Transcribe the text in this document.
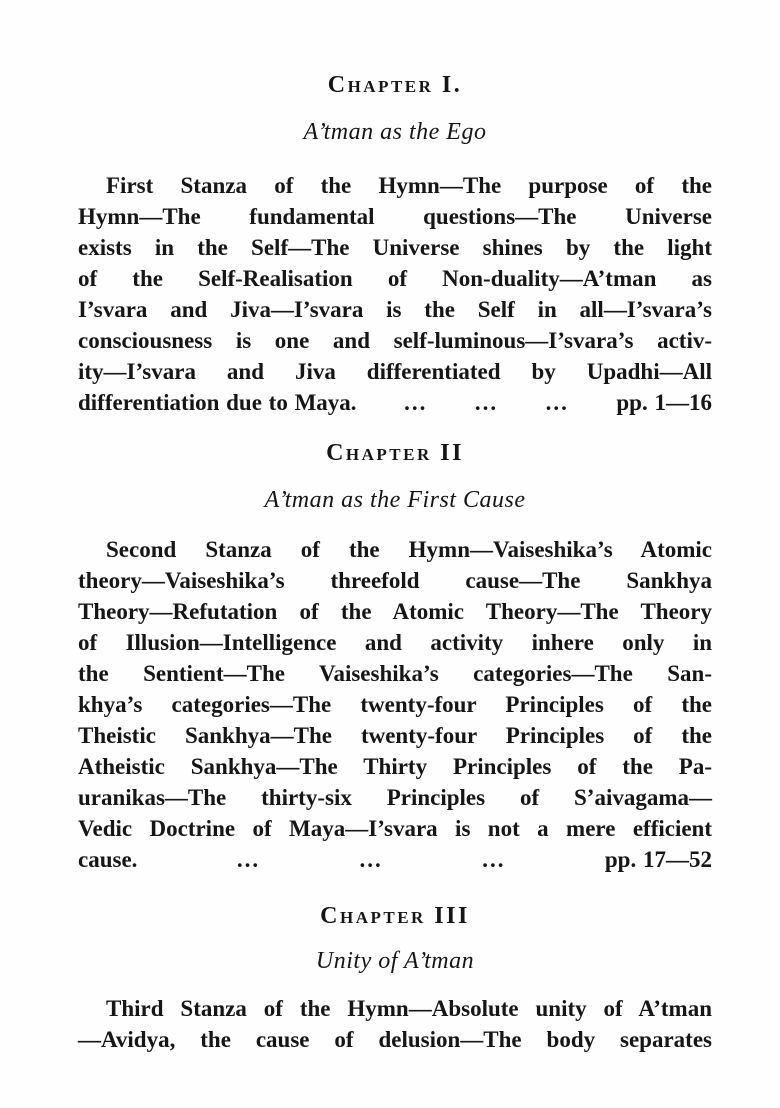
Chapter I.
A’tman as the Ego
First Stanza of the Hymn—The purpose of the
Hymn—The fundamental questions—The Universe
exists in the Self—The Universe shines by the light
of the Self-Realisation of Non-duality—A’tman as
I’svara and Jiva—I’svara is the Self in all—I’svara’s
consciousness is one and self-luminous—I’svara’s activ-
ity—I’svara and Jiva differentiated by Upadhi—All
differentiation due to Maya. ... ... ... pp. 1—16
Chapter II
A’tman as the First Cause
Second Stanza of the Hymn—Vaiseshika’s Atomic
theory—Vaiseshika’s threefold cause—The Sankhya
Theory—Refutation of the Atomic Theory—The Theory
of Illusion—Intelligence and activity inhere only in
the Sentient—The Vaiseshika’s categories—The San-
khya’s categories—The twenty-four Principles of the
Theistic Sankhya—The twenty-four Principles of the
Atheistic Sankhya—The Thirty Principles of the Pa-
uranikas—The thirty-six Principles of S’aivagama—
Vedic Doctrine of Maya—I’svara is not a mere efficient
cause.	...	...	...	pp. 17—52
Chapter III
Unity of A’tman
Third Stanza of the Hymn—Absolute unity of A’tman
—Avidya, the cause of delusion—The body separates
